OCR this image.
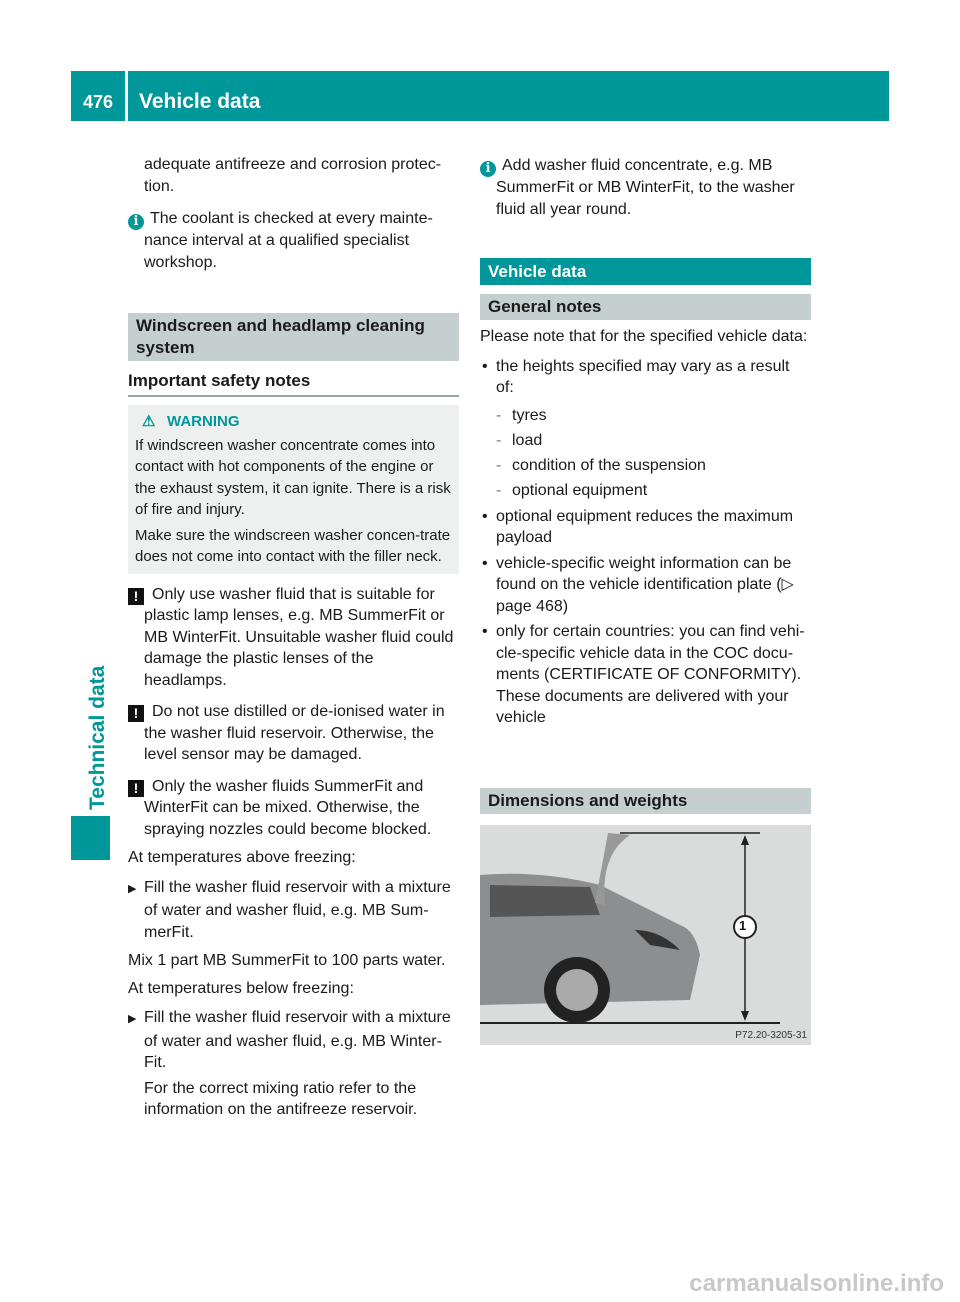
476	Vehicle data
Technical data

adequate antifreeze and corrosion protec-tion.

i The coolant is checked at every mainte-nance interval at a qualified specialist workshop.

Windscreen and headlamp cleaning system
Important safety notes

⚠ WARNING

If windscreen washer concentrate comes into contact with hot components of the engine or the exhaust system, it can ignite. There is a risk of fire and injury.

Make sure the windscreen washer concen-trate does not come into contact with the filler neck.

! Only use washer fluid that is suitable for plastic lamp lenses, e.g. MB SummerFit or MB WinterFit. Unsuitable washer fluid could damage the plastic lenses of the headlamps.

! Do not use distilled or de-ionised water in the washer fluid reservoir. Otherwise, the level sensor may be damaged.

! Only the washer fluids SummerFit and WinterFit can be mixed. Otherwise, the spraying nozzles could become blocked.

At temperatures above freezing:

▶ Fill the washer fluid reservoir with a mixture of water and washer fluid, e.g. MB Sum-merFit.

Mix 1 part MB SummerFit to 100 parts water.

At temperatures below freezing:

▶ Fill the washer fluid reservoir with a mixture of water and washer fluid, e.g. MB Winter-Fit.

For the correct mixing ratio refer to the information on the antifreeze reservoir.

i Add washer fluid concentrate, e.g. MB SummerFit or MB WinterFit, to the washer fluid all year round.

Vehicle data
General notes

Please note that for the specified vehicle data:

• the heights specified may vary as a result of:

- tyres

- load

- condition of the suspension

- optional equipment

• optional equipment reduces the maximum payload

• vehicle-specific weight information can be found on the vehicle identification plate (▷ page 468)

• only for certain countries: you can find vehi-cle-specific vehicle data in the COC docu-ments (CERTIFICATE OF CONFORMITY). These documents are delivered with your vehicle

Dimensions and weights
1
P72.20-3205-31
carmanualsonline.info
